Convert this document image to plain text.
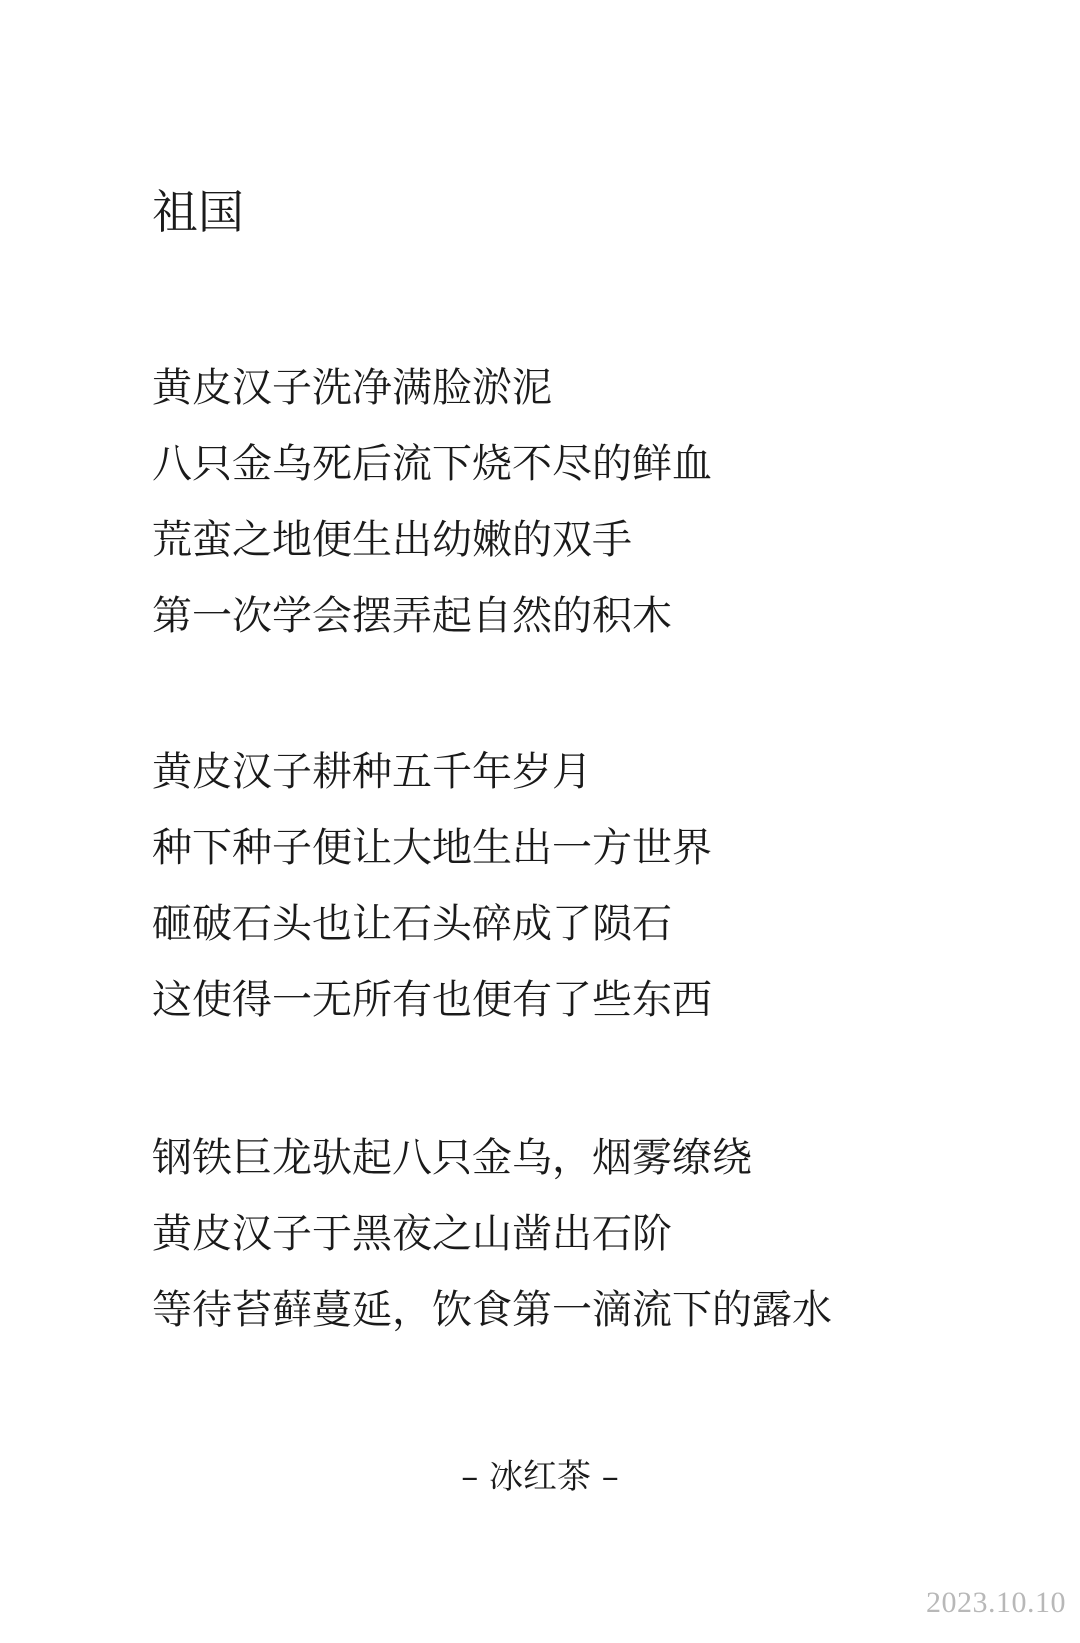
祖国
黄皮汉子洗净满脸淤泥
八只金乌死后流下烧不尽的鲜血
荒蛮之地便生出幼嫩的双手
第一次学会摆弄起自然的积木
黄皮汉子耕种五千年岁月
种下种子便让大地生出一方世界
砸破石头也让石头碎成了陨石
这使得一无所有也便有了些东西
钢铁巨龙驮起八只金乌，烟雾缭绕
黄皮汉子于黑夜之山凿出石阶
等待苔藓蔓延，饮食第一滴流下的露水
– 冰红茶 –
2023.10.10
